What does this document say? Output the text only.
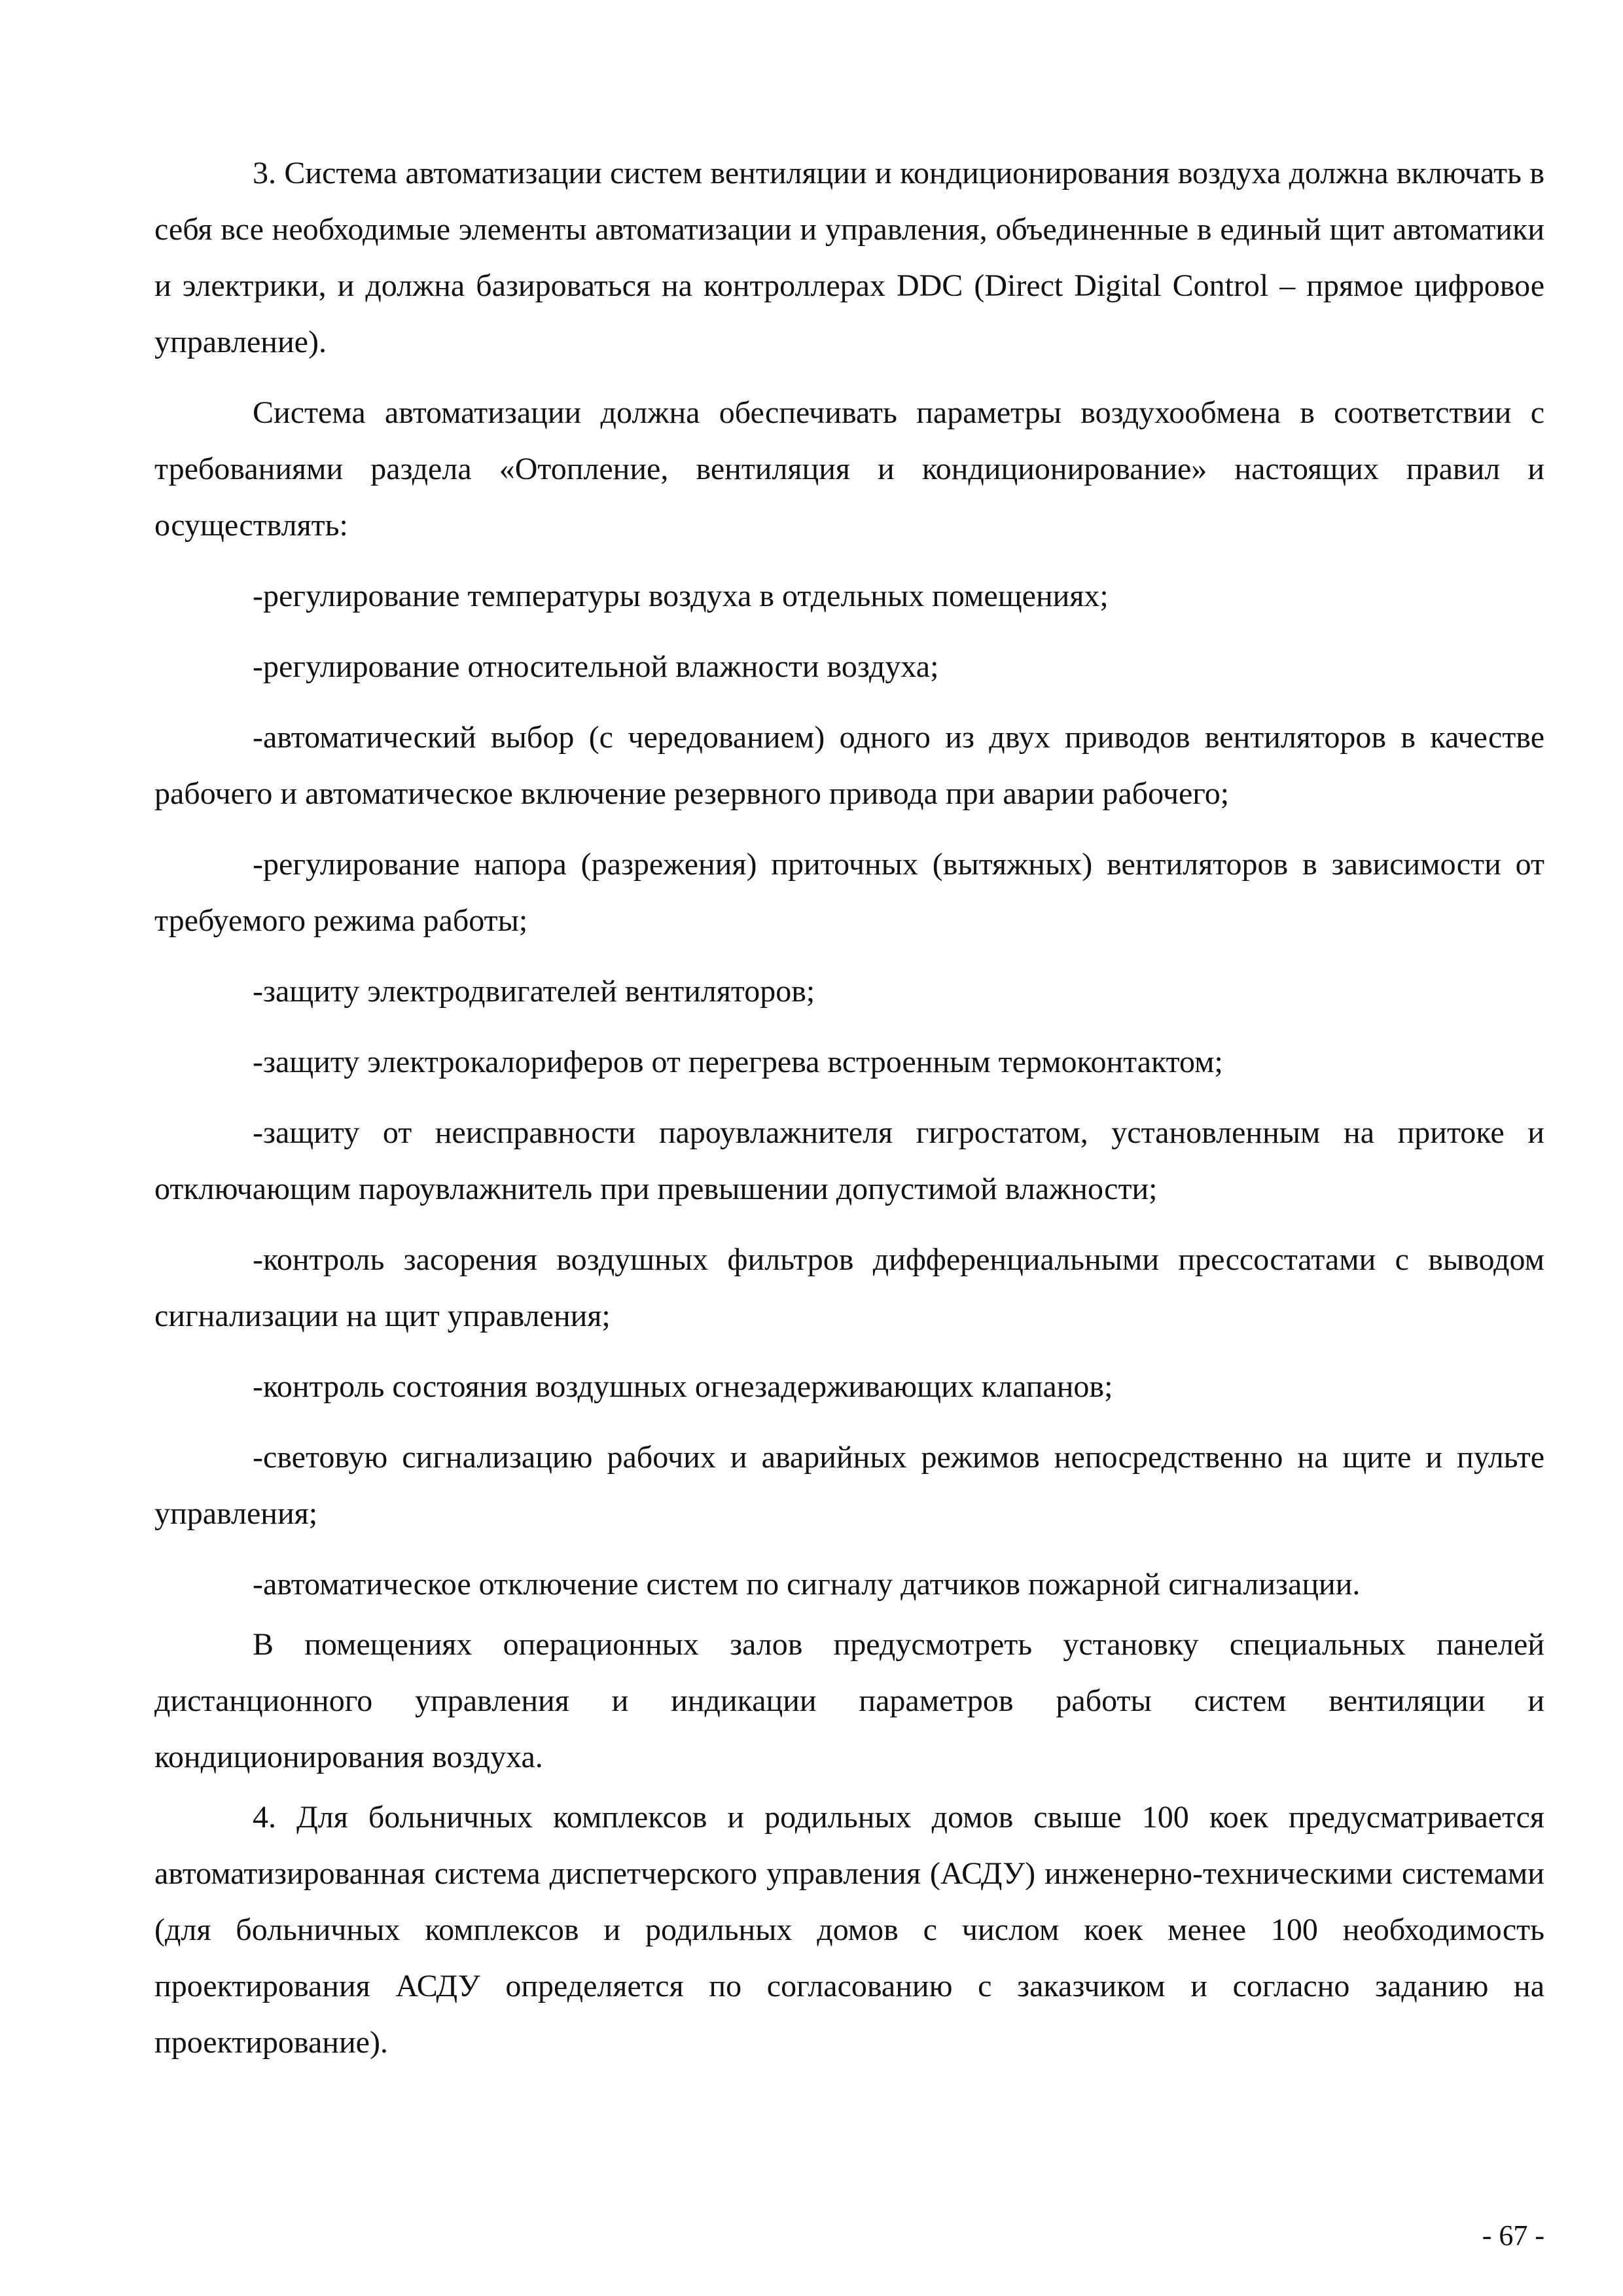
3. Система автоматизации систем вентиляции и кондиционирования воздуха должна включать в себя все необходимые элементы автоматизации и управления, объединенные в единый щит автоматики и электрики, и должна базироваться на контроллерах DDC (Direct Digital Control – прямое цифровое управление).

Система автоматизации должна обеспечивать параметры воздухообмена в соответствии с требованиями раздела «Отопление, вентиляция и кондиционирование» настоящих правил и осуществлять:

-регулирование температуры воздуха в отдельных помещениях;

-регулирование относительной влажности воздуха;

-автоматический выбор (с чередованием) одного из двух приводов вентиляторов в качестве рабочего и автоматическое включение резервного привода при аварии рабочего;

-регулирование напора (разрежения) приточных (вытяжных) вентиляторов в зависимости от требуемого режима работы;

-защиту электродвигателей вентиляторов;

-защиту электрокалориферов от перегрева встроенным термоконтактом;

-защиту от неисправности пароувлажнителя гигростатом, установленным на притоке и отключающим пароувлажнитель при превышении допустимой влажности;

-контроль засорения воздушных фильтров дифференциальными прессостатами с выводом сигнализации на щит управления;

-контроль состояния воздушных огнезадерживающих клапанов;

-световую сигнализацию рабочих и аварийных режимов непосредственно на щите и пульте управления;

-автоматическое отключение систем по сигналу датчиков пожарной сигнализации.

В помещениях операционных залов предусмотреть установку специальных панелей дистанционного управления и индикации параметров работы систем вентиляции и кондиционирования воздуха.

4. Для больничных комплексов и родильных домов свыше 100 коек предусматривается автоматизированная система диспетчерского управления (АСДУ) инженерно-техническими системами (для больничных комплексов и родильных домов с числом коек менее 100 необходимость проектирования АСДУ определяется по согласованию с заказчиком и согласно заданию на проектирование).

- 67 -
